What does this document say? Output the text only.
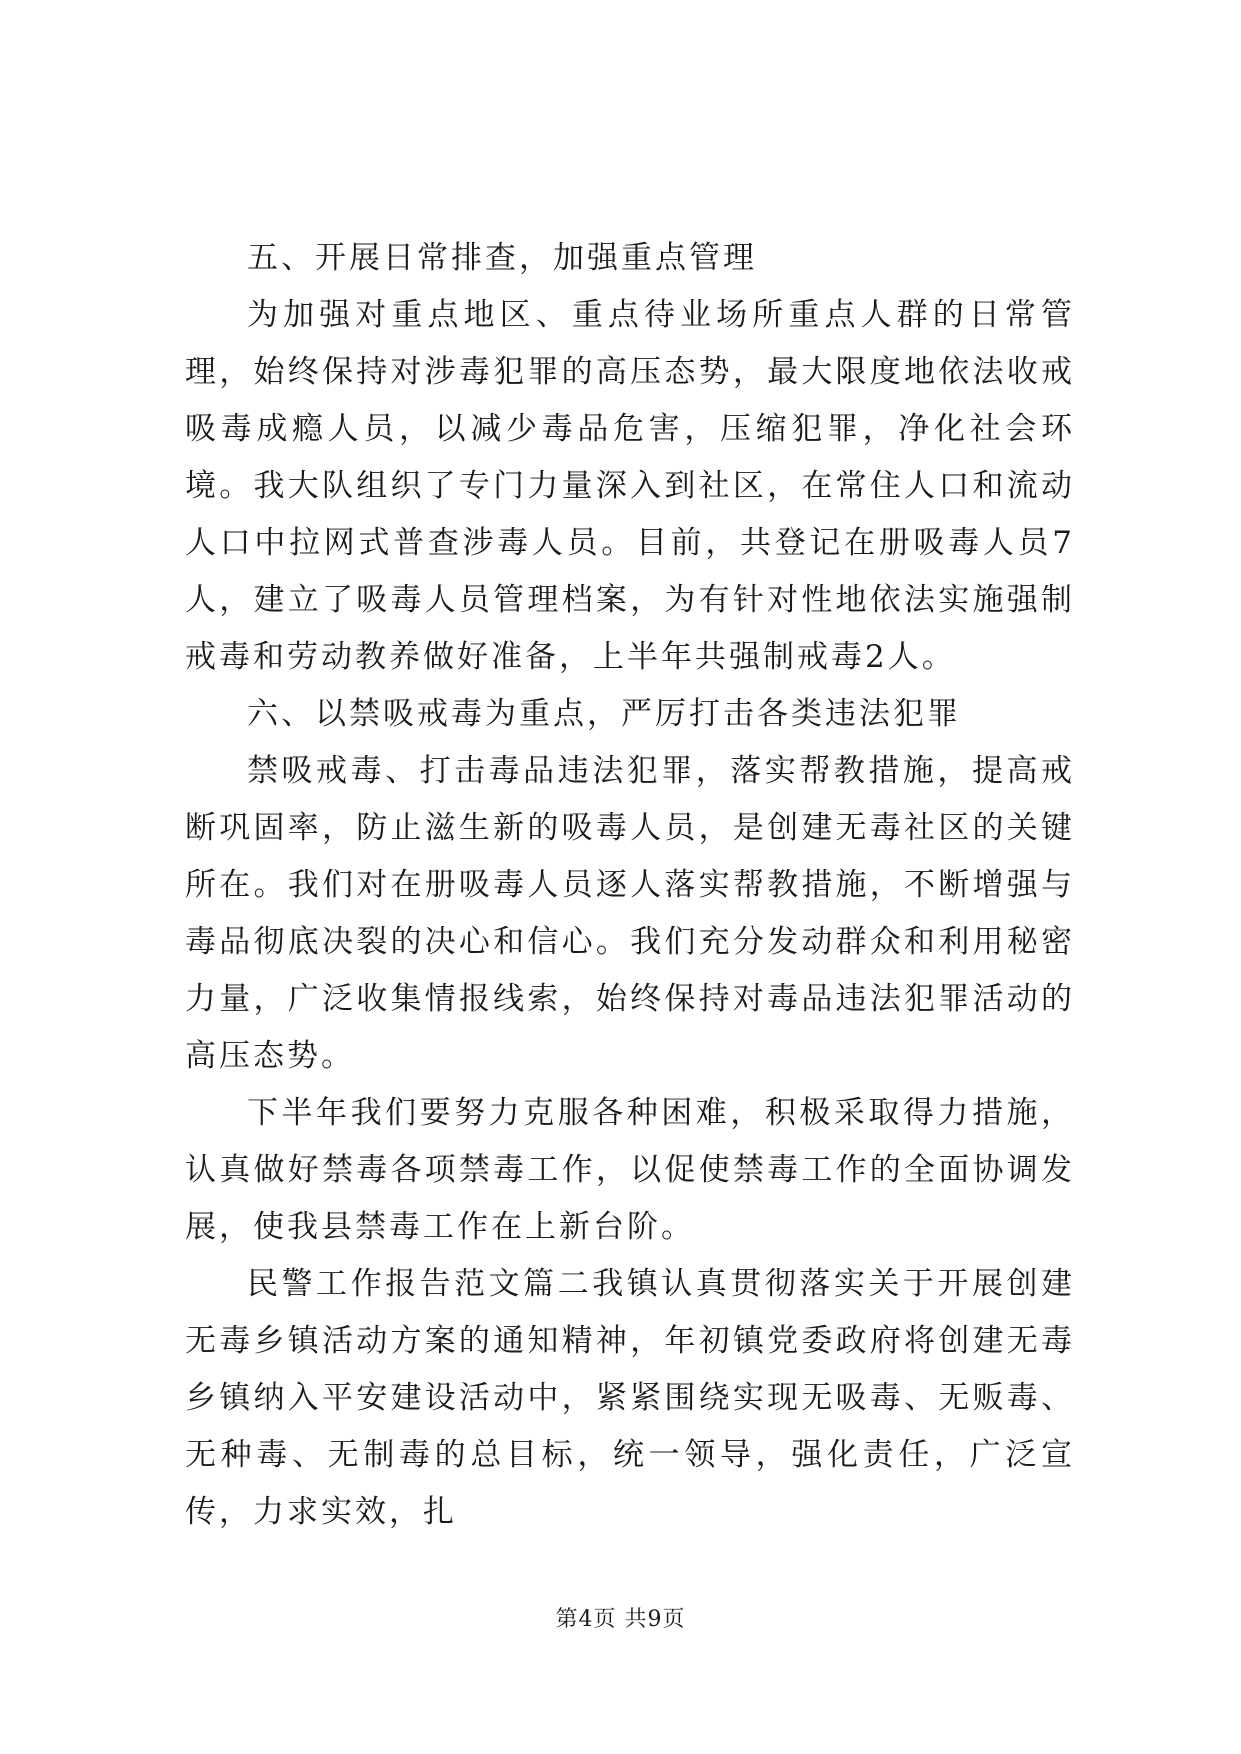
五、开展日常排查，加强重点管理

为加强对重点地区、重点待业场所重点人群的日常管理，始终保持对涉毒犯罪的高压态势，最大限度地依法收戒吸毒成瘾人员，以减少毒品危害，压缩犯罪，净化社会环境。我大队组织了专门力量深入到社区，在常住人口和流动人口中拉网式普查涉毒人员。目前，共登记在册吸毒人员7人，建立了吸毒人员管理档案，为有针对性地依法实施强制戒毒和劳动教养做好准备，上半年共强制戒毒2人。

六、以禁吸戒毒为重点，严厉打击各类违法犯罪

禁吸戒毒、打击毒品违法犯罪，落实帮教措施，提高戒断巩固率，防止滋生新的吸毒人员，是创建无毒社区的关键所在。我们对在册吸毒人员逐人落实帮教措施，不断增强与毒品彻底决裂的决心和信心。我们充分发动群众和利用秘密力量，广泛收集情报线索，始终保持对毒品违法犯罪活动的高压态势。

下半年我们要努力克服各种困难，积极采取得力措施，认真做好禁毒各项禁毒工作，以促使禁毒工作的全面协调发展，使我县禁毒工作在上新台阶。

民警工作报告范文篇二我镇认真贯彻落实关于开展创建无毒乡镇活动方案的通知精神，年初镇党委政府将创建无毒乡镇纳入平安建设活动中，紧紧围绕实现无吸毒、无贩毒、无种毒、无制毒的总目标，统一领导，强化责任，广泛宣传，力求实效，扎

第4页 共9页
